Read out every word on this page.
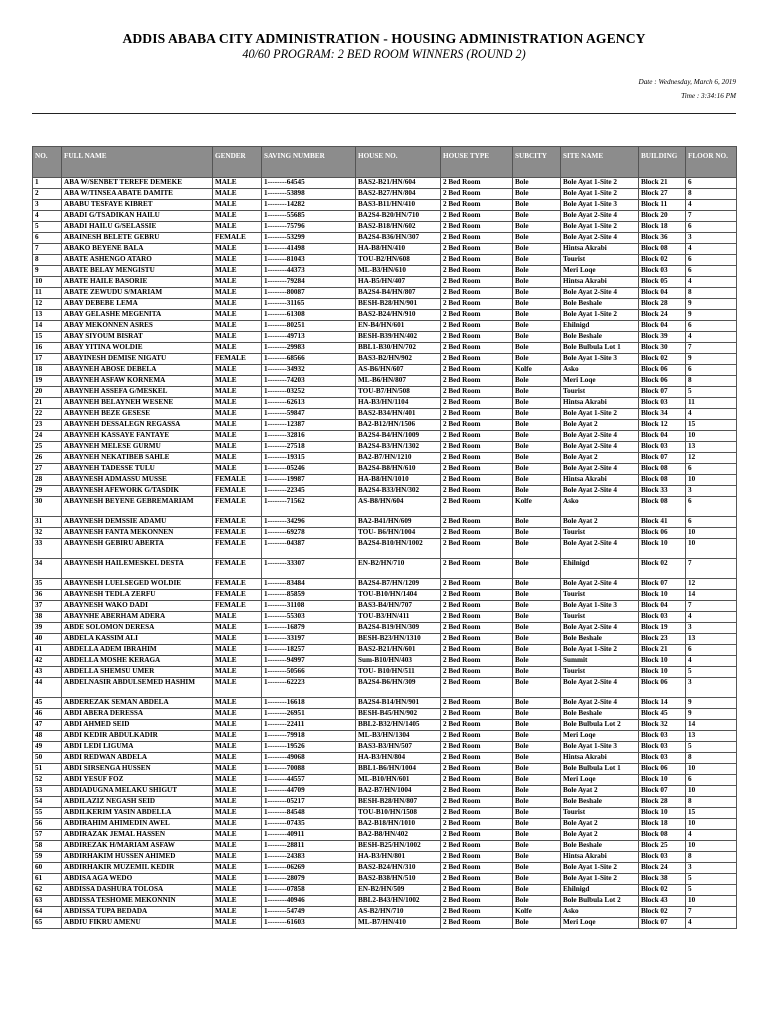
ADDIS ABABA CITY ADMINISTRATION - HOUSING ADMINISTRATION AGENCY
40/60 PROGRAM: 2 BED ROOM WINNERS (ROUND 2)
Date : Wednesday, March 6, 2019
Time : 3:34:16 PM
NO.	FULL NAME	GENDER	SAVING NUMBER	HOUSE NO.	HOUSE TYPE	SUBCITY	SITE NAME	BUILDING	FLOOR NO.
1	ABA W/SENBET TEREFE DEMEKE	MALE	1--------64545	BAS2-B21/HN/604	2 Bed Room	Bole	Bole Ayat 1-Site 2	Block 21	6
2	ABA W/TINSEA ABATE DAMITE	MALE	1--------53898	BAS2-B27/HN/804	2 Bed Room	Bole	Bole Ayat 1-Site 2	Block 27	8
3	ABABU TESFAYE KIBRET	MALE	1--------14282	BAS3-B11/HN/410	2 Bed Room	Bole	Bole Ayat 1-Site 3	Block 11	4
4	ABADI G/TSADIKAN HAILU	MALE	1--------55685	BA2S4-B20/HN/710	2 Bed Room	Bole	Bole Ayat 2-Site 4	Block 20	7
5	ABADI HAILU G/SELASSIE	MALE	1--------75796	BAS2-B18/HN/602	2 Bed Room	Bole	Bole Ayat 1-Site 2	Block 18	6
6	ABAINESH BELETE GEBRU	FEMALE	1--------53299	BA2S4-B36/HN/307	2 Bed Room	Bole	Bole Ayat 2-Site 4	Block 36	3
7	ABAKO BEYENE BALA	MALE	1--------41498	HA-B8/HN/410	2 Bed Room	Bole	Hintsa Akrabi	Block 08	4
8	ABATE ASHENGO ATARO	MALE	1--------81043	TOU-B2/HN/608	2 Bed Room	Bole	Tourist	Block 02	6
9	ABATE BELAY MENGISTU	MALE	1--------44373	ML-B3/HN/610	2 Bed Room	Bole	Meri Loqe	Block 03	6
10	ABATE HAILE BASORIE	MALE	1--------79284	HA-B5/HN/407	2 Bed Room	Bole	Hintsa Akrabi	Block 05	4
11	ABATE ZEWUDU S/MARIAM	MALE	1--------80087	BA2S4-B4/HN/807	2 Bed Room	Bole	Bole Ayat 2-Site 4	Block 04	8
12	ABAY DEBEBE LEMA	MALE	1--------31165	BESH-B28/HN/901	2 Bed Room	Bole	Bole Beshale	Block 28	9
13	ABAY GELASHE MEGENITA	MALE	1--------61308	BAS2-B24/HN/910	2 Bed Room	Bole	Bole Ayat 1-Site 2	Block 24	9
14	ABAY MEKONNEN ASRES	MALE	1--------80251	EN-B4/HN/601	2 Bed Room	Bole	Ehilnigd	Block 04	6
15	ABAY SIYOUM BISRAT	MALE	1--------49713	BESH-B39/HN/402	2 Bed Room	Bole	Bole Beshale	Block 39	4
16	ABAY YITINA WOLDIE	MALE	1--------29983	BBL1-B30/HN/702	2 Bed Room	Bole	Bole Bulbula Lot 1	Block 30	7
17	ABAYINESH DEMISE NIGATU	FEMALE	1--------68566	BAS3-B2/HN/902	2 Bed Room	Bole	Bole Ayat 1-Site 3	Block 02	9
18	ABAYNEH ABOSE DEBELA	MALE	1--------34932	AS-B6/HN/607	2 Bed Room	Kolfe	Asko	Block 06	6
19	ABAYNEH ASFAW KORNEMA	MALE	1--------74203	ML-B6/HN/807	2 Bed Room	Bole	Meri Loqe	Block 06	8
20	ABAYNEH ASSEFA G/MESKEL	MALE	1--------03252	TOU-B7/HN/508	2 Bed Room	Bole	Tourist	Block 07	5
21	ABAYNEH BELAYNEH WESENE	MALE	1--------62613	HA-B3/HN/1104	2 Bed Room	Bole	Hintsa Akrabi	Block 03	11
22	ABAYNEH BEZE GESESE	MALE	1--------59847	BAS2-B34/HN/401	2 Bed Room	Bole	Bole Ayat 1-Site 2	Block 34	4
23	ABAYNEH DESSALEGN REGASSA	MALE	1--------12387	BA2-B12/HN/1506	2 Bed Room	Bole	Bole Ayat 2	Block 12	15
24	ABAYNEH KASSAYE FANTAYE	MALE	1--------32816	BA2S4-B4/HN/1009	2 Bed Room	Bole	Bole Ayat 2-Site 4	Block 04	10
25	ABAYNEH MELESE GURMU	MALE	1--------27518	BA2S4-B3/HN/1302	2 Bed Room	Bole	Bole Ayat 2-Site 4	Block 03	13
26	ABAYNEH NEKATIBEB SAHLE	MALE	1--------19315	BA2-B7/HN/1210	2 Bed Room	Bole	Bole Ayat 2	Block 07	12
27	ABAYNEH TADESSE TULU	MALE	1--------05246	BA2S4-B8/HN/610	2 Bed Room	Bole	Bole Ayat 2-Site 4	Block 08	6
28	ABAYNESH ADMASSU MUSSE	FEMALE	1--------19987	HA-B8/HN/1010	2 Bed Room	Bole	Hintsa Akrabi	Block 08	10
29	ABAYNESH AFEWORK G/TASDIK	FEMALE	1--------22345	BA2S4-B33/HN/302	2 Bed Room	Bole	Bole Ayat 2-Site 4	Block 33	3
30	ABAYNESH BEYENE GEBREMARIAM	FEMALE	1--------71562	AS-B8/HN/604	2 Bed Room	Kolfe	Asko	Block 08	6
31	ABAYNESH DEMSSIE ADAMU	FEMALE	1--------34296	BA2-B41/HN/609	2 Bed Room	Bole	Bole Ayat 2	Block 41	6
32	ABAYNESH FANTA MEKONNEN	FEMALE	1--------69278	TOU- B6/HN/1004	2 Bed Room	Bole	Tourist	Block 06	10
33	ABAYNESH GEBIRU ABERTA	FEMALE	1--------04387	BA2S4-B10/HN/1002	2 Bed Room	Bole	Bole Ayat 2-Site 4	Block 10	10
34	ABAYNESH HAILEMESKEL DESTA	FEMALE	1--------33307	EN-B2/HN/710	2 Bed Room	Bole	Ehilnigd	Block 02	7
35	ABAYNESH LUELSEGED WOLDIE	FEMALE	1--------83484	BA2S4-B7/HN/1209	2 Bed Room	Bole	Bole Ayat 2-Site 4	Block 07	12
36	ABAYNESH TEDLA ZERFU	FEMALE	1--------85859	TOU-B10/HN/1404	2 Bed Room	Bole	Tourist	Block 10	14
37	ABAYNESH WAKO DADI	FEMALE	1--------31108	BAS3-B4/HN/707	2 Bed Room	Bole	Bole Ayat 1-Site 3	Block 04	7
38	ABAYNHE ABERHAM ADERA	MALE	1--------55303	TOU-B3/HN/411	2 Bed Room	Bole	Tourist	Block 03	4
39	ABDE SOLOMON DERESA	MALE	1--------16879	BA2S4-B19/HN/309	2 Bed Room	Bole	Bole Ayat 2-Site 4	Block 19	3
40	ABDELA KASSIM ALI	MALE	1--------33197	BESH-B23/HN/1310	2 Bed Room	Bole	Bole Beshale	Block 23	13
41	ABDELLA ADEM IBRAHIM	MALE	1--------18257	BAS2-B21/HN/601	2 Bed Room	Bole	Bole Ayat 1-Site 2	Block 21	6
42	ABDELLA MOSHE KERAGA	MALE	1--------94997	Sum-B10/HN/403	2 Bed Room	Bole	Summit	Block 10	4
43	ABDELLA SHEMSU UMER	MALE	1--------50566	TOU- B10/HN/511	2 Bed Room	Bole	Tourist	Block 10	5
44	ABDELNASIR ABDULSEMED HASHIM	MALE	1--------62223	BA2S4-B6/HN/309	2 Bed Room	Bole	Bole Ayat 2-Site 4	Block 06	3
45	ABDEREZAK SEMAN ABDELA	MALE	1--------16618	BA2S4-B14/HN/901	2 Bed Room	Bole	Bole Ayat 2-Site 4	Block 14	9
46	ABDI ABERA DERESSA	MALE	1--------26951	BESH-B45/HN/902	2 Bed Room	Bole	Bole Beshale	Block 45	9
47	ABDI AHMED SEID	MALE	1--------22411	BBL2-B32/HN/1405	2 Bed Room	Bole	Bole Bulbula Lot 2	Block 32	14
48	ABDI KEDIR ABDULKADIR	MALE	1--------79918	ML-B3/HN/1304	2 Bed Room	Bole	Meri Loqe	Block 03	13
49	ABDI LEDI LIGUMA	MALE	1--------19526	BAS3-B3/HN/507	2 Bed Room	Bole	Bole Ayat 1-Site 3	Block 03	5
50	ABDI REDWAN ABDELA	MALE	1--------49068	HA-B3/HN/804	2 Bed Room	Bole	Hintsa Akrabi	Block 03	8
51	ABDI SIRSENGA HUSSEN	MALE	1--------70088	BBL1-B6/HN/1004	2 Bed Room	Bole	Bole Bulbula Lot 1	Block 06	10
52	ABDI YESUF FOZ	MALE	1--------44557	ML-B10/HN/601	2 Bed Room	Bole	Meri Loqe	Block 10	6
53	ABDIADUGNA MELAKU SHIGUT	MALE	1--------44709	BA2-B7/HN/1004	2 Bed Room	Bole	Bole Ayat 2	Block 07	10
54	ABDILAZIZ NEGASH SEID	MALE	1--------05217	BESH-B28/HN/807	2 Bed Room	Bole	Bole Beshale	Block 28	8
55	ABDILKERIM YASIN ABDELLA	MALE	1--------84548	TOU-B10/HN/1508	2 Bed Room	Bole	Tourist	Block 10	15
56	ABDIRAHIM AHIMEDIN AWEL	MALE	1--------07435	BA2-B18/HN/1010	2 Bed Room	Bole	Bole Ayat 2	Block 18	10
57	ABDIRAZAK JEMAL HASSEN	MALE	1--------40911	BA2-B8/HN/402	2 Bed Room	Bole	Bole Ayat 2	Block 08	4
58	ABDIREZAK H/MARIAM ASFAW	MALE	1--------28811	BESH-B25/HN/1002	2 Bed Room	Bole	Bole Beshale	Block 25	10
59	ABDIRHAKIM HUSSEN AHIMED	MALE	1--------24383	HA-B3/HN/801	2 Bed Room	Bole	Hintsa Akrabi	Block 03	8
60	ABDIRHAKIR MUZEMIL KEDIR	MALE	1--------06269	BAS2-B24/HN/310	2 Bed Room	Bole	Bole Ayat 1-Site 2	Block 24	3
61	ABDISA AGA WEDO	MALE	1--------28079	BAS2-B38/HN/510	2 Bed Room	Bole	Bole Ayat 1-Site 2	Block 38	5
62	ABDISSA DASHURA TOLOSA	MALE	1--------07858	EN-B2/HN/509	2 Bed Room	Bole	Ehilnigd	Block 02	5
63	ABDISSA TESHOME MEKONNIN	MALE	1--------40946	BBL2-B43/HN/1002	2 Bed Room	Bole	Bole Bulbula Lot 2	Block 43	10
64	ABDISSA TUPA BEDADA	MALE	1--------54749	AS-B2/HN/710	2 Bed Room	Kolfe	Asko	Block 02	7
65	ABDIU FIKRU AMENU	MALE	1--------61603	ML-B7/HN/410	2 Bed Room	Bole	Meri Loqe	Block 07	4
